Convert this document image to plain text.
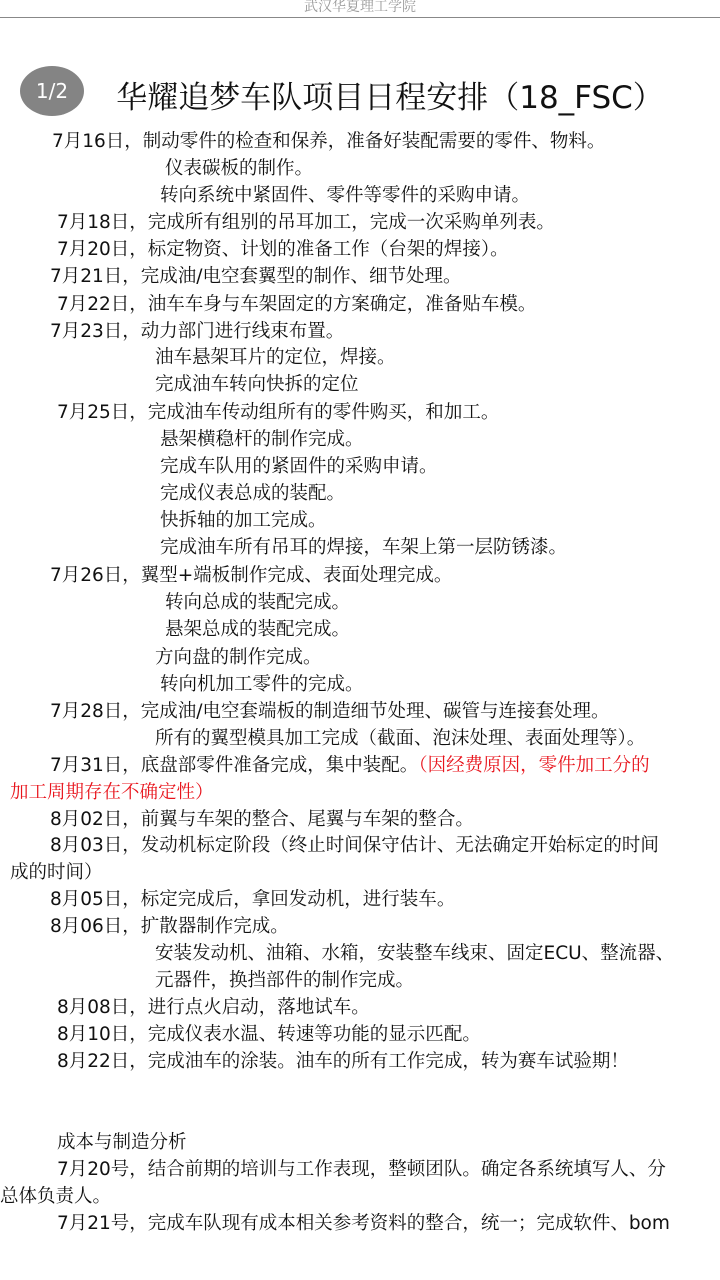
武汉华夏理工学院
华耀追梦车队项目日程安排（18_FSC）
7月16日，制动零件的检查和保养，准备好装配需要的零件、物料。
仪表碳板的制作。
转向系统中紧固件、零件等零件的采购申请。
7月18日，完成所有组别的吊耳加工，完成一次采购单列表。
7月20日，标定物资、计划的准备工作（台架的焊接）。
7月21日，完成油/电空套翼型的制作、细节处理。
7月22日，油车车身与车架固定的方案确定，准备贴车模。
7月23日，动力部门进行线束布置。
油车悬架耳片的定位，焊接。
完成油车转向快拆的定位
7月25日，完成油车传动组所有的零件购买，和加工。
悬架横稳杆的制作完成。
完成车队用的紧固件的采购申请。
完成仪表总成的装配。
快拆轴的加工完成。
完成油车所有吊耳的焊接，车架上第一层防锈漆。
7月26日，翼型+端板制作完成、表面处理完成。
转向总成的装配完成。
悬架总成的装配完成。
方向盘的制作完成。
转向机加工零件的完成。
7月28日，完成油/电空套端板的制造细节处理、碳管与连接套处理。
所有的翼型模具加工完成（截面、泡沫处理、表面处理等）。
7月31日，底盘部零件准备完成，集中装配。（因经费原因，零件加工分的
加工周期存在不确定性）
8月02日，前翼与车架的整合、尾翼与车架的整合。
8月03日，发动机标定阶段（终止时间保守估计、无法确定开始标定的时间
成的时间）
8月05日，标定完成后，拿回发动机，进行装车。
8月06日，扩散器制作完成。
安装发动机、油箱、水箱，安装整车线束、固定ECU、整流器、
元器件，换挡部件的制作完成。
8月08日，进行点火启动，落地试车。
8月10日，完成仪表水温、转速等功能的显示匹配。
8月22日，完成油车的涂装。油车的所有工作完成，转为赛车试验期！
成本与制造分析
7月20号，结合前期的培训与工作表现，整顿团队。确定各系统填写人、分
总体负责人。
7月21号，完成车队现有成本相关参考资料的整合，统一；完成软件、bom
1/2
